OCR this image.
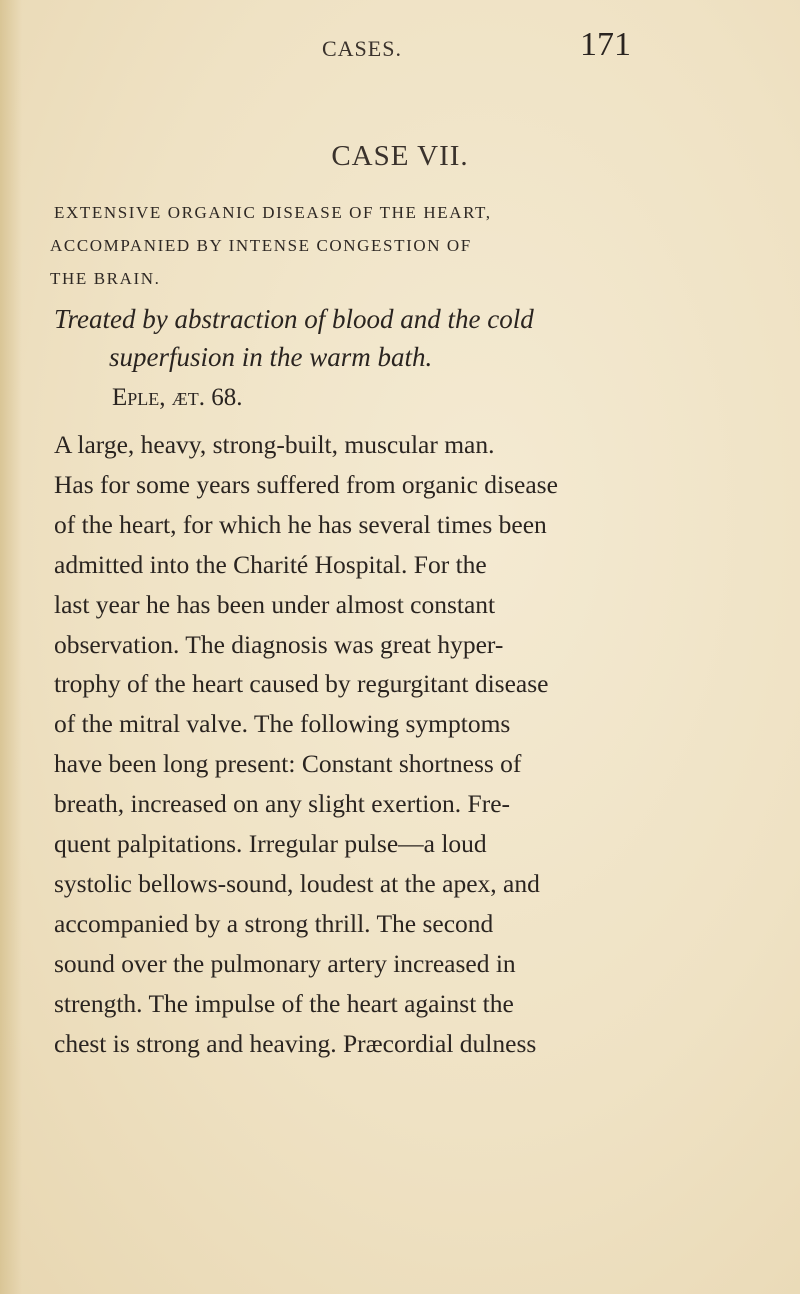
CASES.	171
CASE VII.
EXTENSIVE ORGANIC DISEASE OF THE HEART,
ACCOMPANIED BY INTENSE CONGESTION OF
THE BRAIN.
Treated by abstraction of blood and the cold
superfusion in the warm bath.
Eple, æt. 68.
A large, heavy, strong-built, muscular man.
Has for some years suffered from organic disease
of the heart, for which he has several times been
admitted into the Charité Hospital. For the
last year he has been under almost constant
observation. The diagnosis was great hyper-
trophy of the heart caused by regurgitant disease
of the mitral valve. The following symptoms
have been long present: Constant shortness of
breath, increased on any slight exertion. Fre-
quent palpitations. Irregular pulse—a loud
systolic bellows-sound, loudest at the apex, and
accompanied by a strong thrill. The second
sound over the pulmonary artery increased in
strength. The impulse of the heart against the
chest is strong and heaving. Præcordial dulness
